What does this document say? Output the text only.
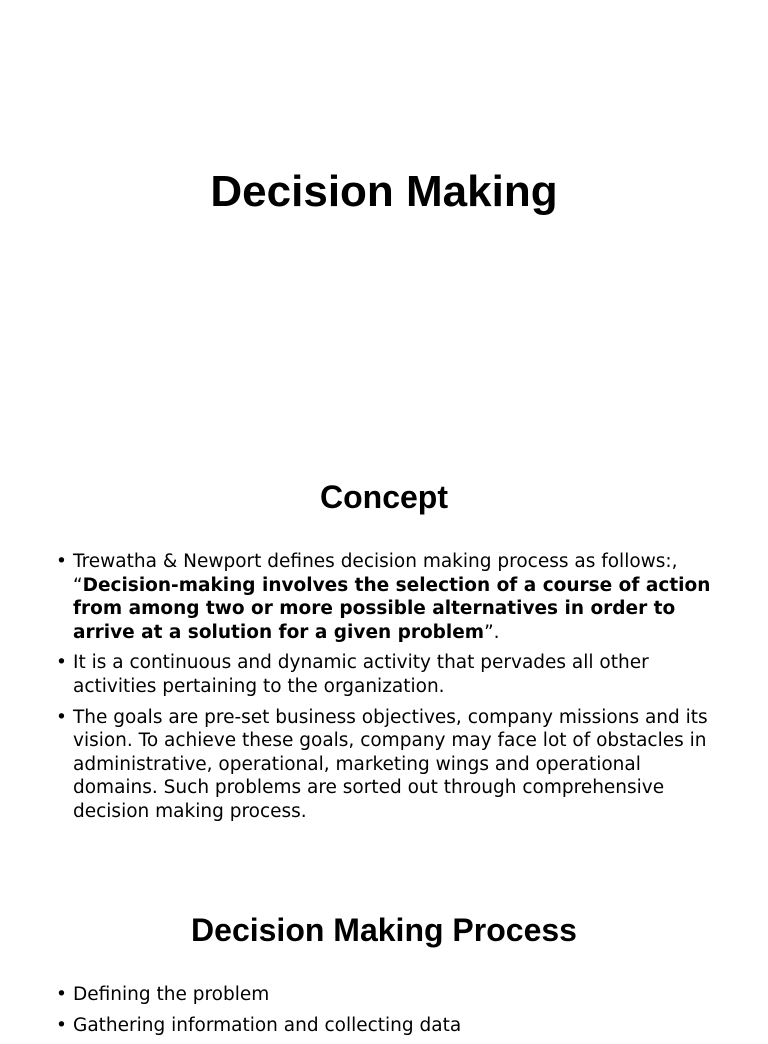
Decision Making
Concept
• Trewatha & Newport defines decision making process as follows:, “Decision-making involves the selection of a course of action from among two or more possible alternatives in order to arrive at a solution for a given problem”.
• It is a continuous and dynamic activity that pervades all other activities pertaining to the organization.
• The goals are pre-set business objectives, company missions and its vision. To achieve these goals, company may face lot of obstacles in administrative, operational, marketing wings and operational domains. Such problems are sorted out through comprehensive decision making process.
Decision Making Process
• Defining the problem
• Gathering information and collecting data
